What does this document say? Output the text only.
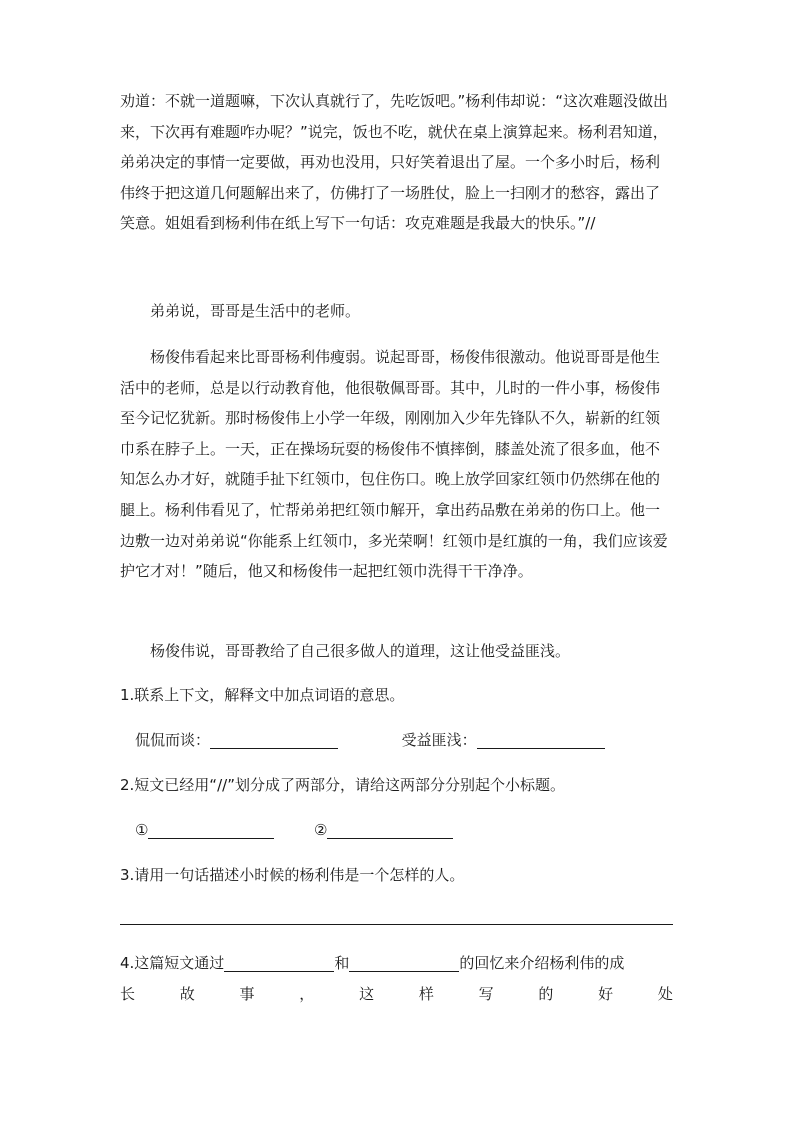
劝道：不就一道题嘛，下次认真就行了，先吃饭吧。”杨利伟却说：“这次难题没做出来，下次再有难题咋办呢？”说完，饭也不吃，就伏在桌上演算起来。杨利君知道，弟弟决定的事情一定要做，再劝也没用，只好笑着退出了屋。一个多小时后，杨利伟终于把这道几何题解出来了，仿佛打了一场胜仗，脸上一扫刚才的愁容，露出了笑意。姐姐看到杨利伟在纸上写下一句话：攻克难题是我最大的快乐。”//

弟弟说，哥哥是生活中的老师。

杨俊伟看起来比哥哥杨利伟瘦弱。说起哥哥，杨俊伟很激动。他说哥哥是他生活中的老师，总是以行动教育他，他很敬佩哥哥。其中，儿时的一件小事，杨俊伟至今记忆犹新。那时杨俊伟上小学一年级，刚刚加入少年先锋队不久，崭新的红领巾系在脖子上。一天，正在操场玩耍的杨俊伟不慎摔倒，膝盖处流了很多血，他不知怎么办才好，就随手扯下红领巾，包住伤口。晚上放学回家红领巾仍然绑在他的腿上。杨利伟看见了，忙帮弟弟把红领巾解开，拿出药品敷在弟弟的伤口上。他一边敷一边对弟弟说“你能系上红领巾，多光荣啊！红领巾是红旗的一角，我们应该爱护它才对！”随后，他又和杨俊伟一起把红领巾洗得干干净净。

杨俊伟说，哥哥教给了自己很多做人的道理，这让他受益匪浅。

1.联系上下文，解释文中加点词语的意思。

侃侃而谈：	受益匪浅：

2.短文已经用“//”划分成了两部分，请给这两部分分别起个小标题。

①	②

3.请用一句话描述小时候的杨利伟是一个怎样的人。

4.这篇短文通过	和	的回忆来介绍杨利伟的成
长	故	事	，	这	样	写	的	好	处
